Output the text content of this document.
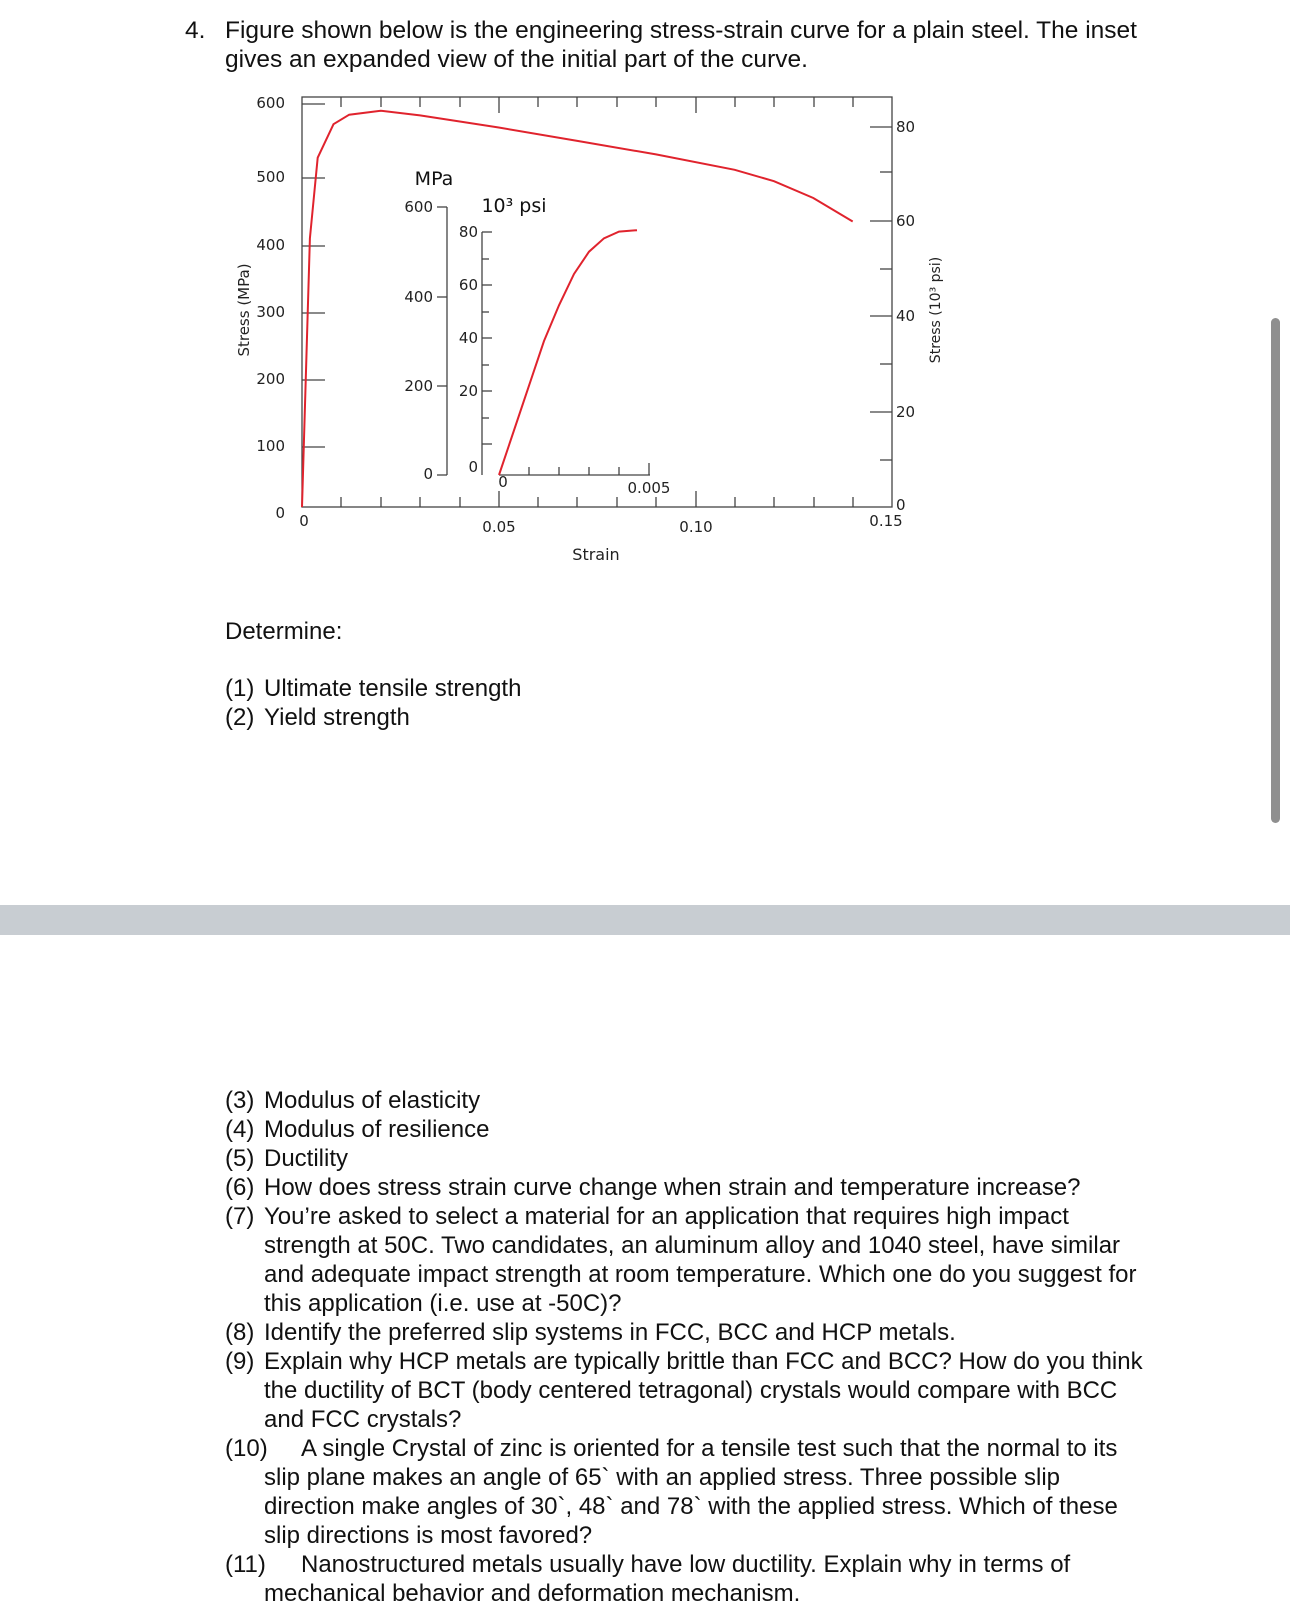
4. Figure shown below is the engineering stress-strain curve for a plain steel. The inset gives an expanded view of the initial part of the curve.
600
500
400
300
200
100
0
80
60
40
20
0
0	0.05	0.10	0.15
Strain
Stress (MPa)	Stress (10³ psi)
MPa
10³ psi
600
400
200
0
80
60
40
20
0
0	0.005
Determine:
(1) Ultimate tensile strength
(2) Yield strength
(3) Modulus of elasticity
(4) Modulus of resilience
(5) Ductility
(6) How does stress strain curve change when strain and temperature increase?
(7) You’re asked to select a material for an application that requires high impact strength at 50C. Two candidates, an aluminum alloy and 1040 steel, have similar and adequate impact strength at room temperature. Which one do you suggest for this application (i.e. use at -50C)?
(8) Identify the preferred slip systems in FCC, BCC and HCP metals.
(9) Explain why HCP metals are typically brittle than FCC and BCC? How do you think the ductility of BCT (body centered tetragonal) crystals would compare with BCC and FCC crystals?
(10) A single Crystal of zinc is oriented for a tensile test such that the normal to its slip plane makes an angle of 65` with an applied stress. Three possible slip direction make angles of 30`, 48` and 78` with the applied stress. Which of these slip directions is most favored?
(11) Nanostructured metals usually have low ductility. Explain why in terms of mechanical behavior and deformation mechanism.
